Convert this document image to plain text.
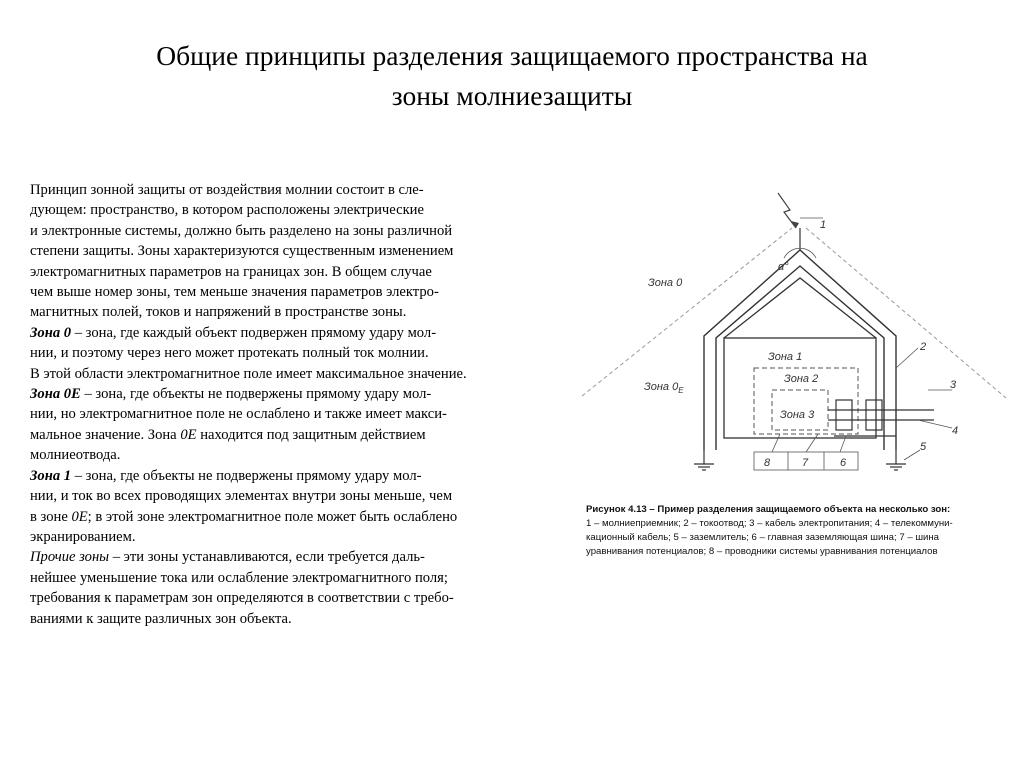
Общие принципы разделения защищаемого пространства на
зоны молниезащиты
Принцип зонной защиты от воздействия молнии состоит в сле-
дующем: пространство, в котором расположены электрические
и электронные системы, должно быть разделено на зоны различной
степени защиты. Зоны характеризуются существенным изменением
электромагнитных параметров на границах зон. В общем случае
чем выше номер зоны, тем меньше значения параметров электро-
магнитных полей, токов и напряжений в пространстве зоны.
Зона 0 – зона, где каждый объект подвержен прямому удару мол-
нии, и поэтому через него может протекать полный ток молнии.
В этой области электромагнитное поле имеет максимальное значение.
Зона 0Е – зона, где объекты не подвержены прямому удару мол-
нии, но электромагнитное поле не ослаблено и также имеет макси-
мальное значение. Зона 0Е находится под защитным действием
молниеотвода.
Зона 1 – зона, где объекты не подвержены прямому удару мол-
нии, и ток во всех проводящих элементах внутри зоны меньше, чем
в зоне 0Е; в этой зоне электромагнитное поле может быть ослаблено
экранированием.
Прочие зоны – эти зоны устанавливаются, если требуется даль-
нейшее уменьшение тока или ослабление электромагнитного поля;
требования к параметрам зон определяются в соответствии с требо-
ваниями к защите различных зон объекта.
1
α°
Зона 0
Зона 1
Зона 2
Зона 3
Зона $0_E$	3
4
2
8	7	6
5
Рисунок 4.13 – Пример разделения защищаемого объекта на несколько зон:
1 – молниеприемник; 2 – токоотвод; 3 – кабель электропитания; 4 – телекоммуни-
кационный кабель; 5 – заземлитель; 6 – главная заземляющая шина; 7 – шина
уравнивания потенциалов; 8 – проводники системы уравнивания потенциалов
